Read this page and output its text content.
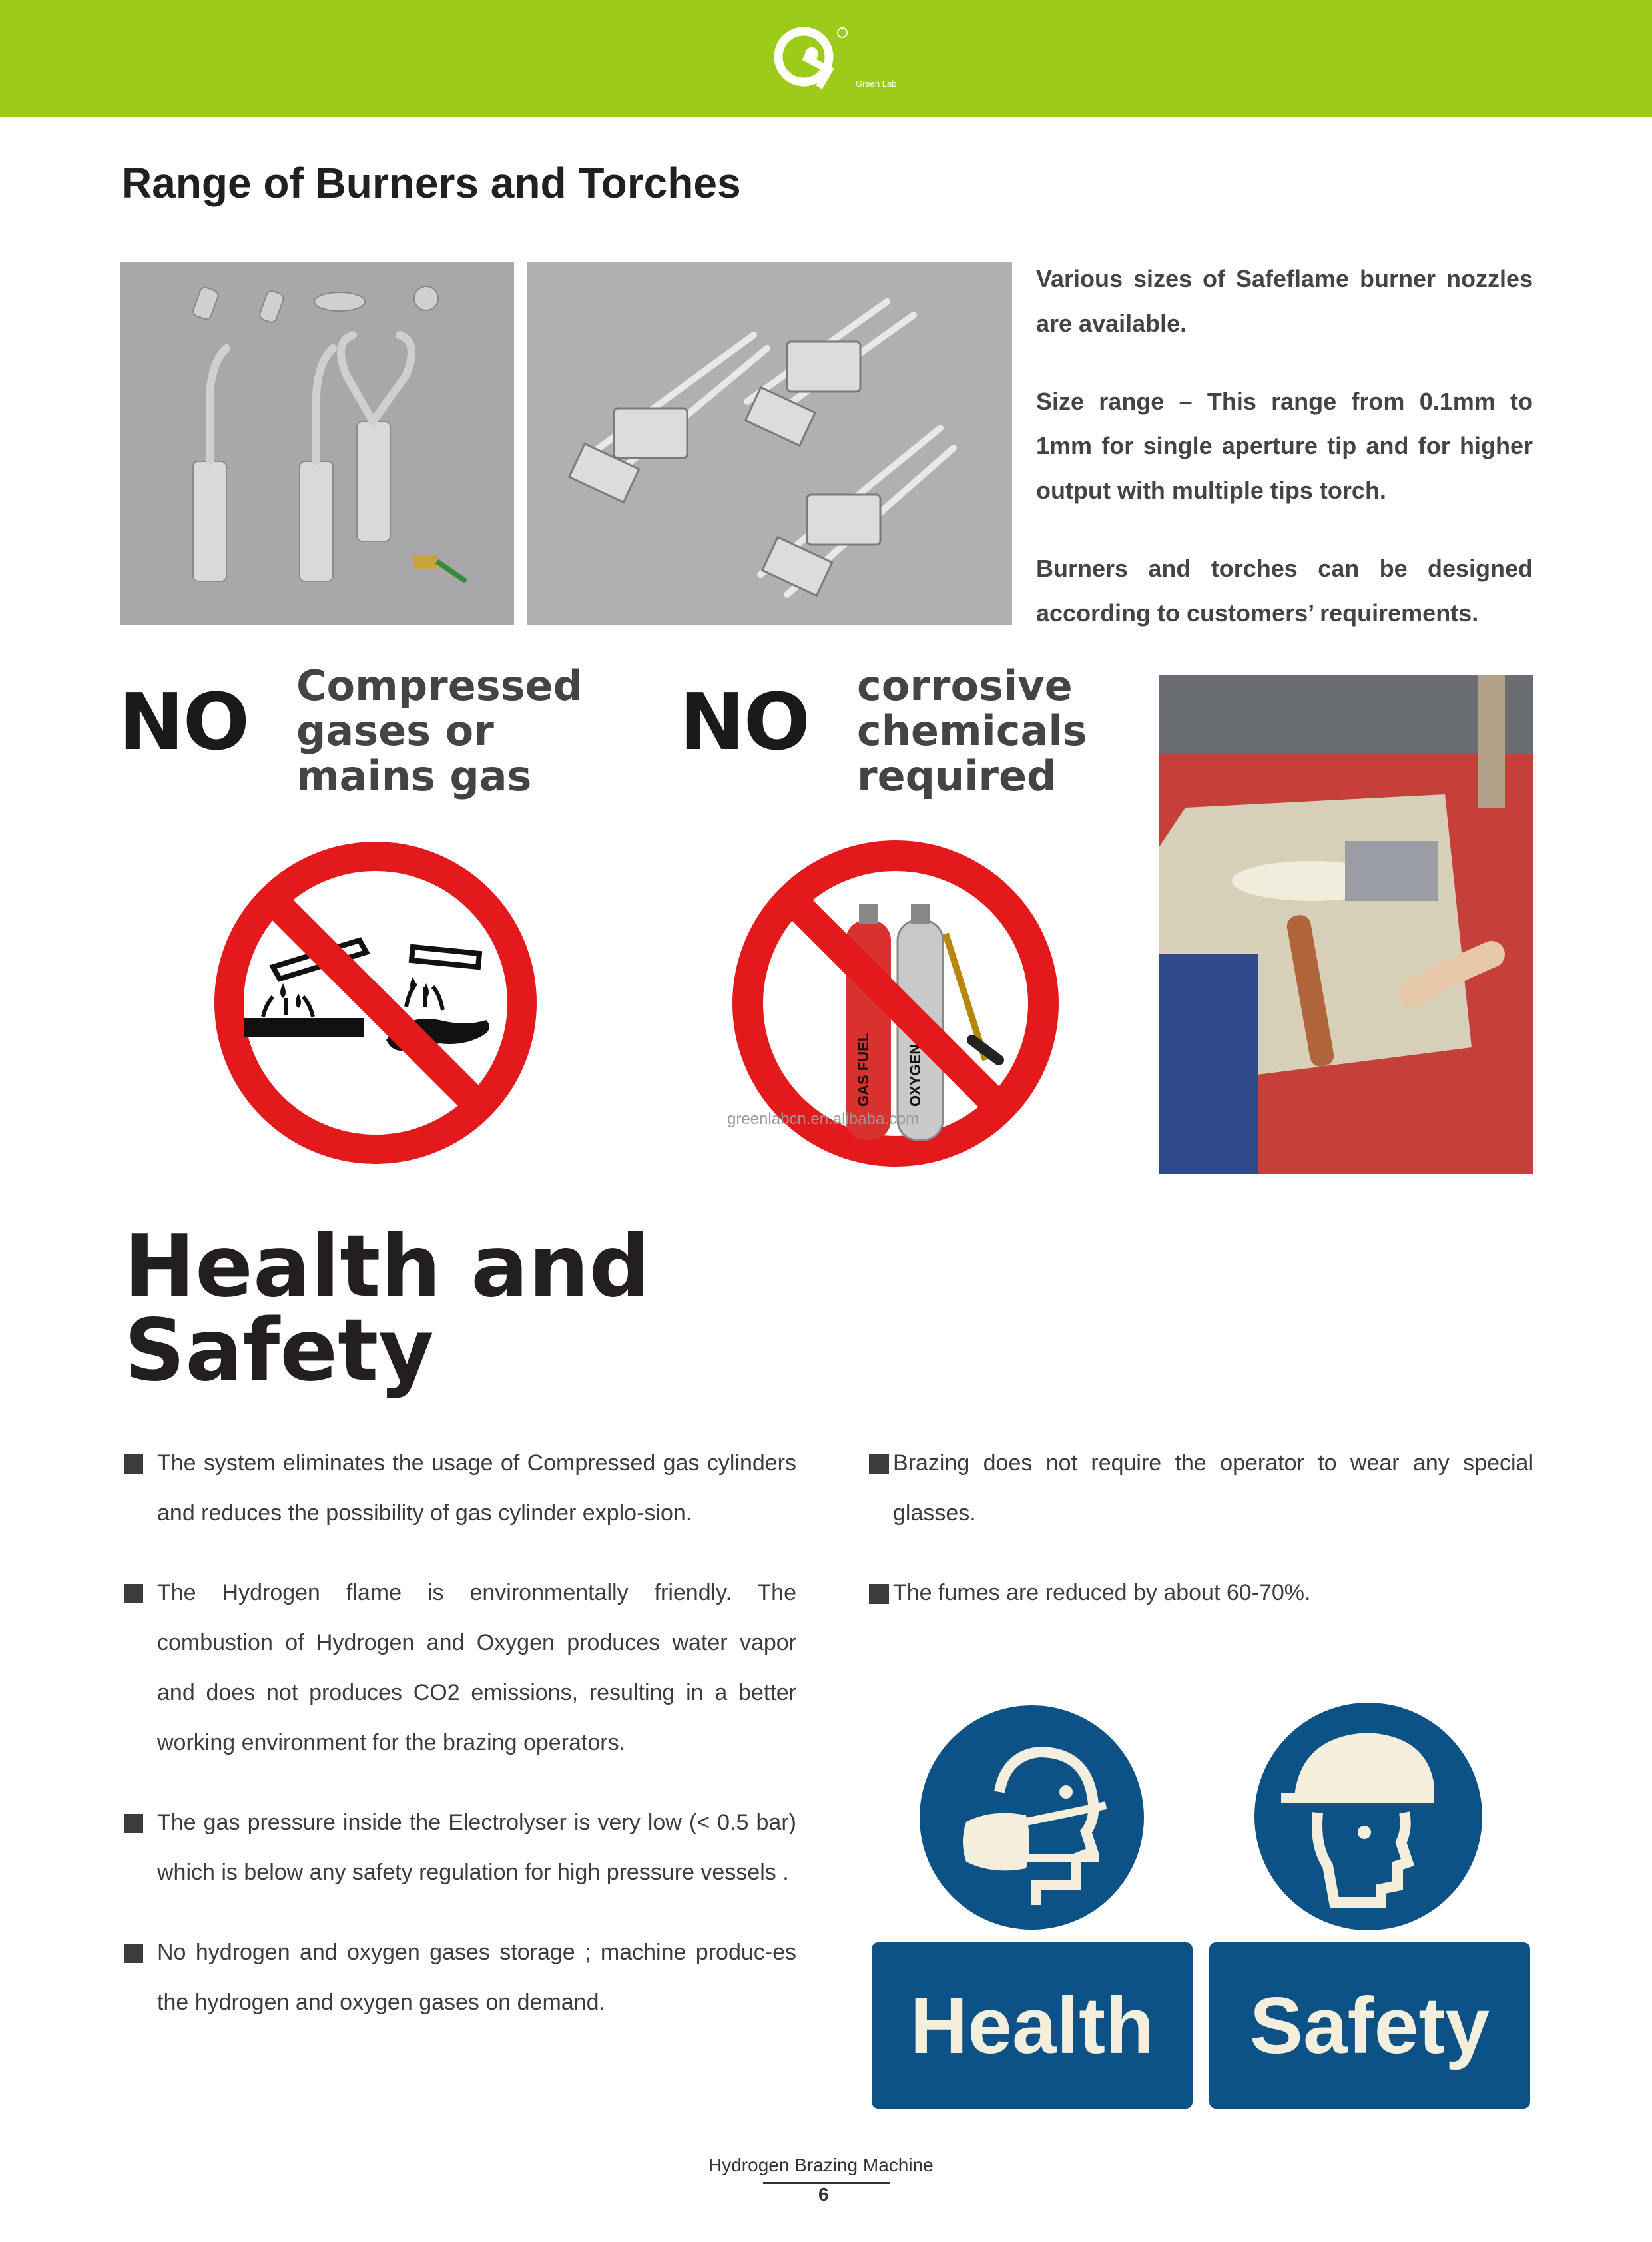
Green Lab
Range of Burners and Torches

Various sizes of Safeflame burner nozzles are available.

Size range – This range from 0.1mm to 1mm for single aperture tip and for higher output with multiple tips torch.

Burners and torches can be designed according to customers’ requirements.

NO Compressed
gases or
mains gas
NO corrosive
chemicals
required
GAS FUEL OXYGEN
greenlabcn.en.alibaba.com
Health and
Safety
The system eliminates the usage of Compressed gas cylinders and reduces the possibility of gas cylinder explo-sion.
The Hydrogen flame is environmentally friendly. The combustion of Hydrogen and Oxygen produces water vapor and does not produces CO2 emissions, resulting in a better working environment for the brazing operators.
The gas pressure inside the Electrolyser is very low (< 0.5 bar) which is below any safety regulation for high pressure vessels .
No hydrogen and oxygen gases storage ; machine produc-es the hydrogen and oxygen gases on demand.
Brazing does not require the operator to wear any special glasses.
The fumes are reduced by about 60-70%.
Health	Safety
Hydrogen Brazing Machine
6
